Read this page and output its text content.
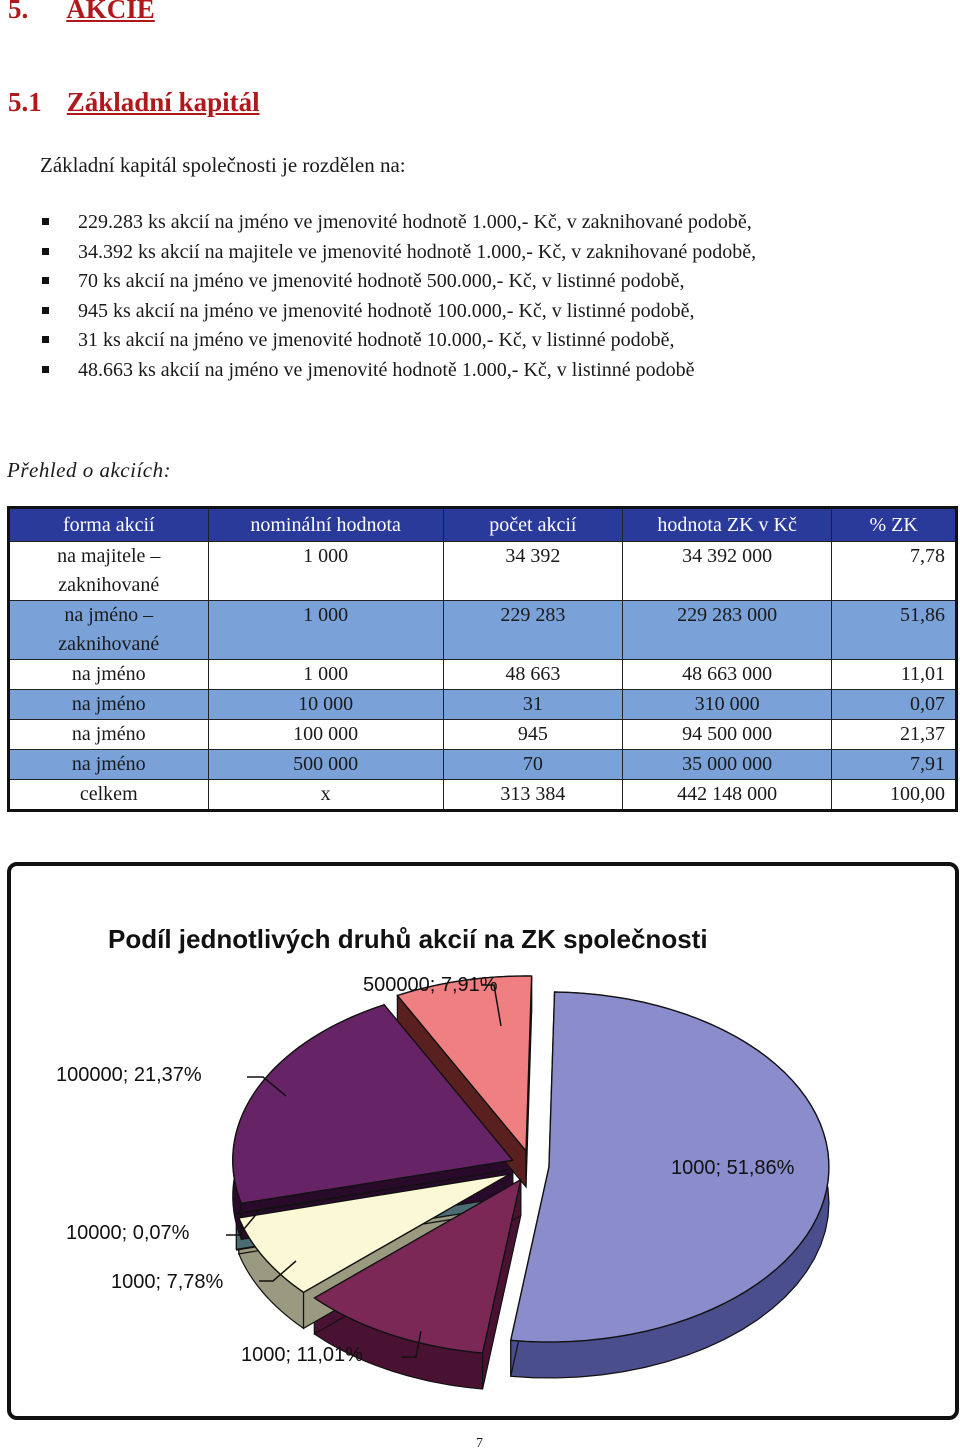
5. AKCIE
5.1 Základní kapitál
Základní kapitál společnosti je rozdělen na:
229.283 ks akcií na jméno ve jmenovité hodnotě 1.000,- Kč, v zaknihované podobě,
34.392 ks akcií na majitele ve jmenovité hodnotě 1.000,- Kč, v zaknihované podobě,
70 ks akcií na jméno ve jmenovité hodnotě 500.000,- Kč, v listinné podobě,
945 ks akcií na jméno ve jmenovité hodnotě 100.000,- Kč, v listinné podobě,
31 ks akcií na jméno ve jmenovité hodnotě 10.000,- Kč, v listinné podobě,
48.663 ks akcií na jméno ve jmenovité hodnotě 1.000,- Kč, v listinné podobě
Přehled o akciích:
forma akcií	nominální hodnota	počet akcií	hodnota ZK v Kč	% ZK
na majitele – zaknihované	1 000	34 392	34 392 000	7,78
na jméno – zaknihované	1 000	229 283	229 283 000	51,86
na jméno	1 000	48 663	48 663 000	11,01
na jméno	10 000	31	310 000	0,07
na jméno	100 000	945	94 500 000	21,37
na jméno	500 000	70	35 000 000	7,91
celkem	x	313 384	442 148 000	100,00
Podíl jednotlivých druhů akcií na ZK společnosti
1000; 51,86%
1000; 11,01%
1000; 7,78%
10000; 0,07%
100000; 21,37%
500000; 7,91%
7
